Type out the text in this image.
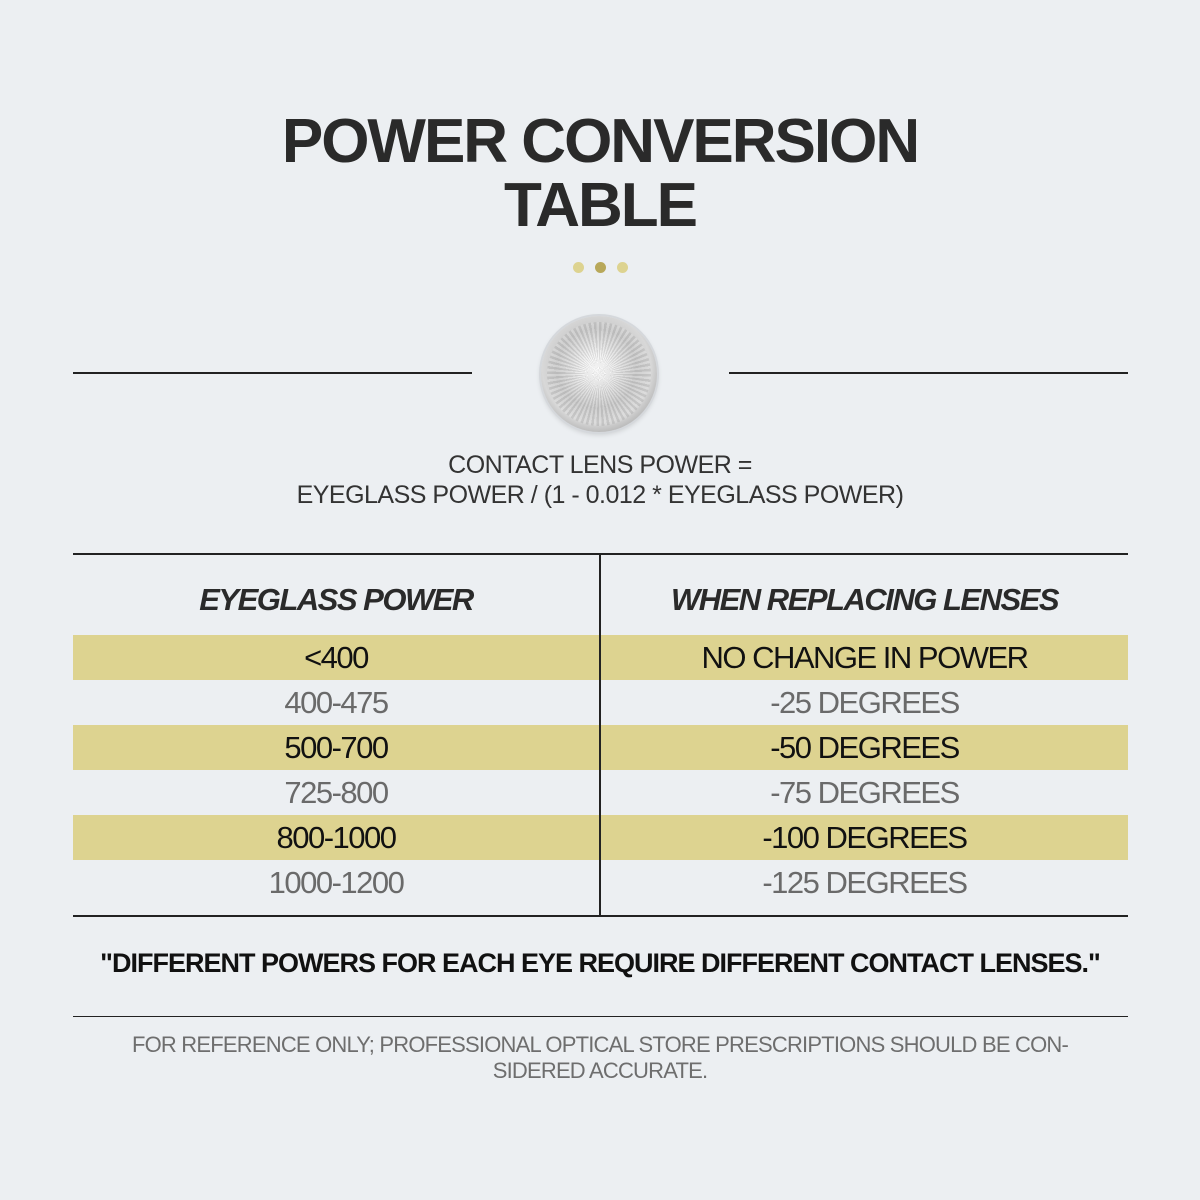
POWER CONVERSION
TABLE
CONTACT LENS POWER =
EYEGLASS POWER / (1 - 0.012 * EYEGLASS POWER)
EYEGLASS POWER	WHEN REPLACING LENSES
<400	NO CHANGE IN POWER
400-475	-25 DEGREES
500-700	-50 DEGREES
725-800	-75 DEGREES
800-1000	-100 DEGREES
1000-1200	-125 DEGREES
"DIFFERENT POWERS FOR EACH EYE REQUIRE DIFFERENT CONTACT LENSES."
FOR REFERENCE ONLY; PROFESSIONAL OPTICAL STORE PRESCRIPTIONS SHOULD BE CON-
SIDERED ACCURATE.
